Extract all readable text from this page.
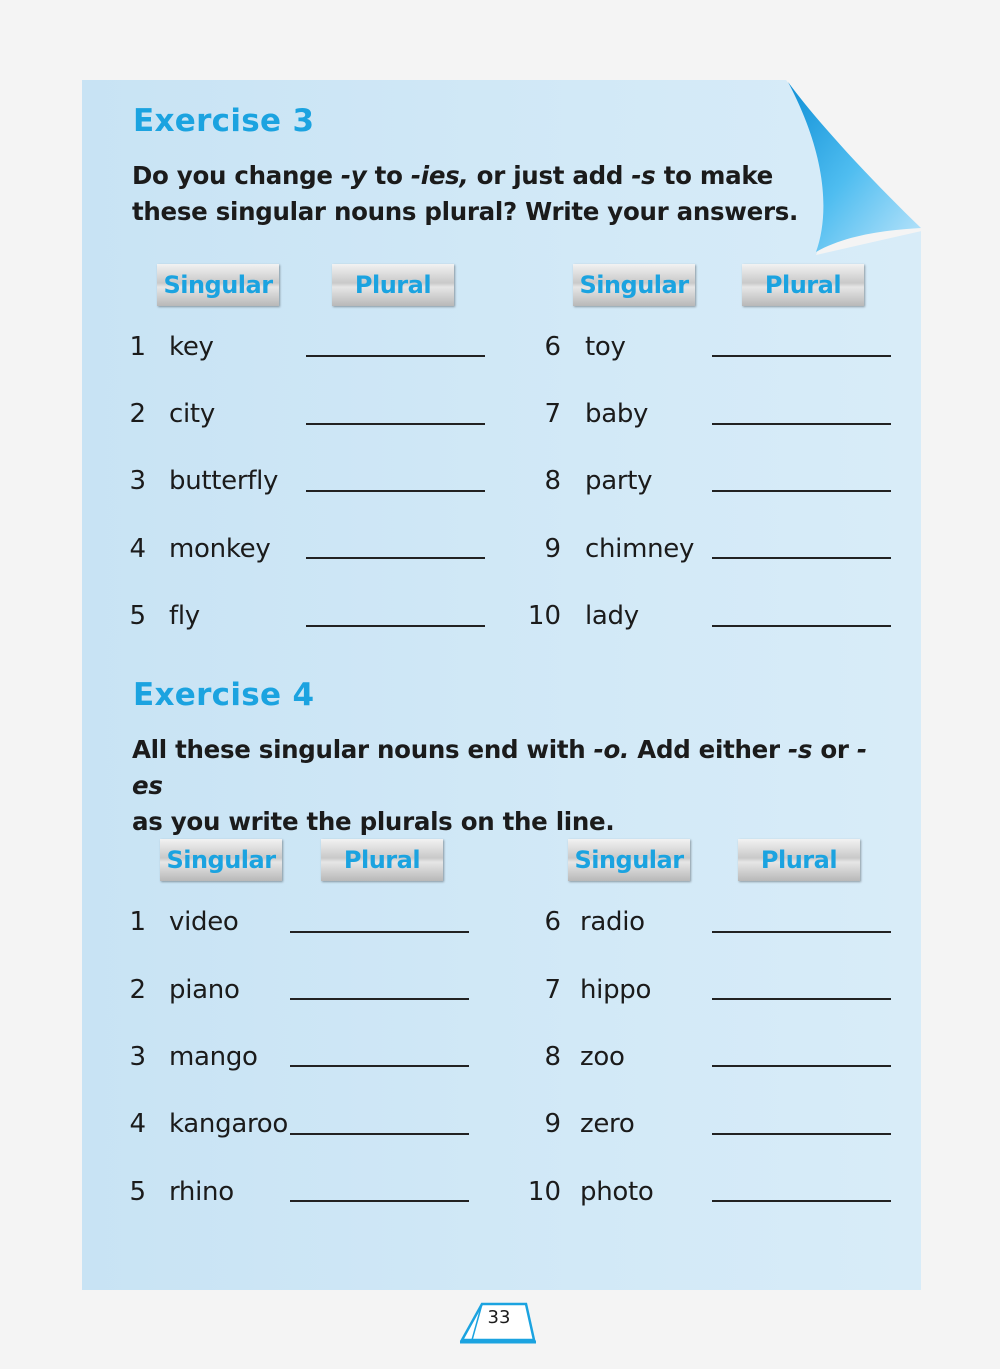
Exercise 3
Do you change -y to -ies, or just add -s to make
these singular nouns plural? Write your answers.
Singular	Plural	Singular	Plural
1 key
2 city
3 butterfly
4 monkey
5 fly
6 toy
7 baby
8 party
9 chimney
10 lady
Exercise 4
All these singular nouns end with -o. Add either -s or -es
as you write the plurals on the line.
Singular	Plural	Singular	Plural
1 video
2 piano
3 mango
4 kangaroo
5 rhino
6 radio
7 hippo
8 zoo
9 zero
10 photo
33
